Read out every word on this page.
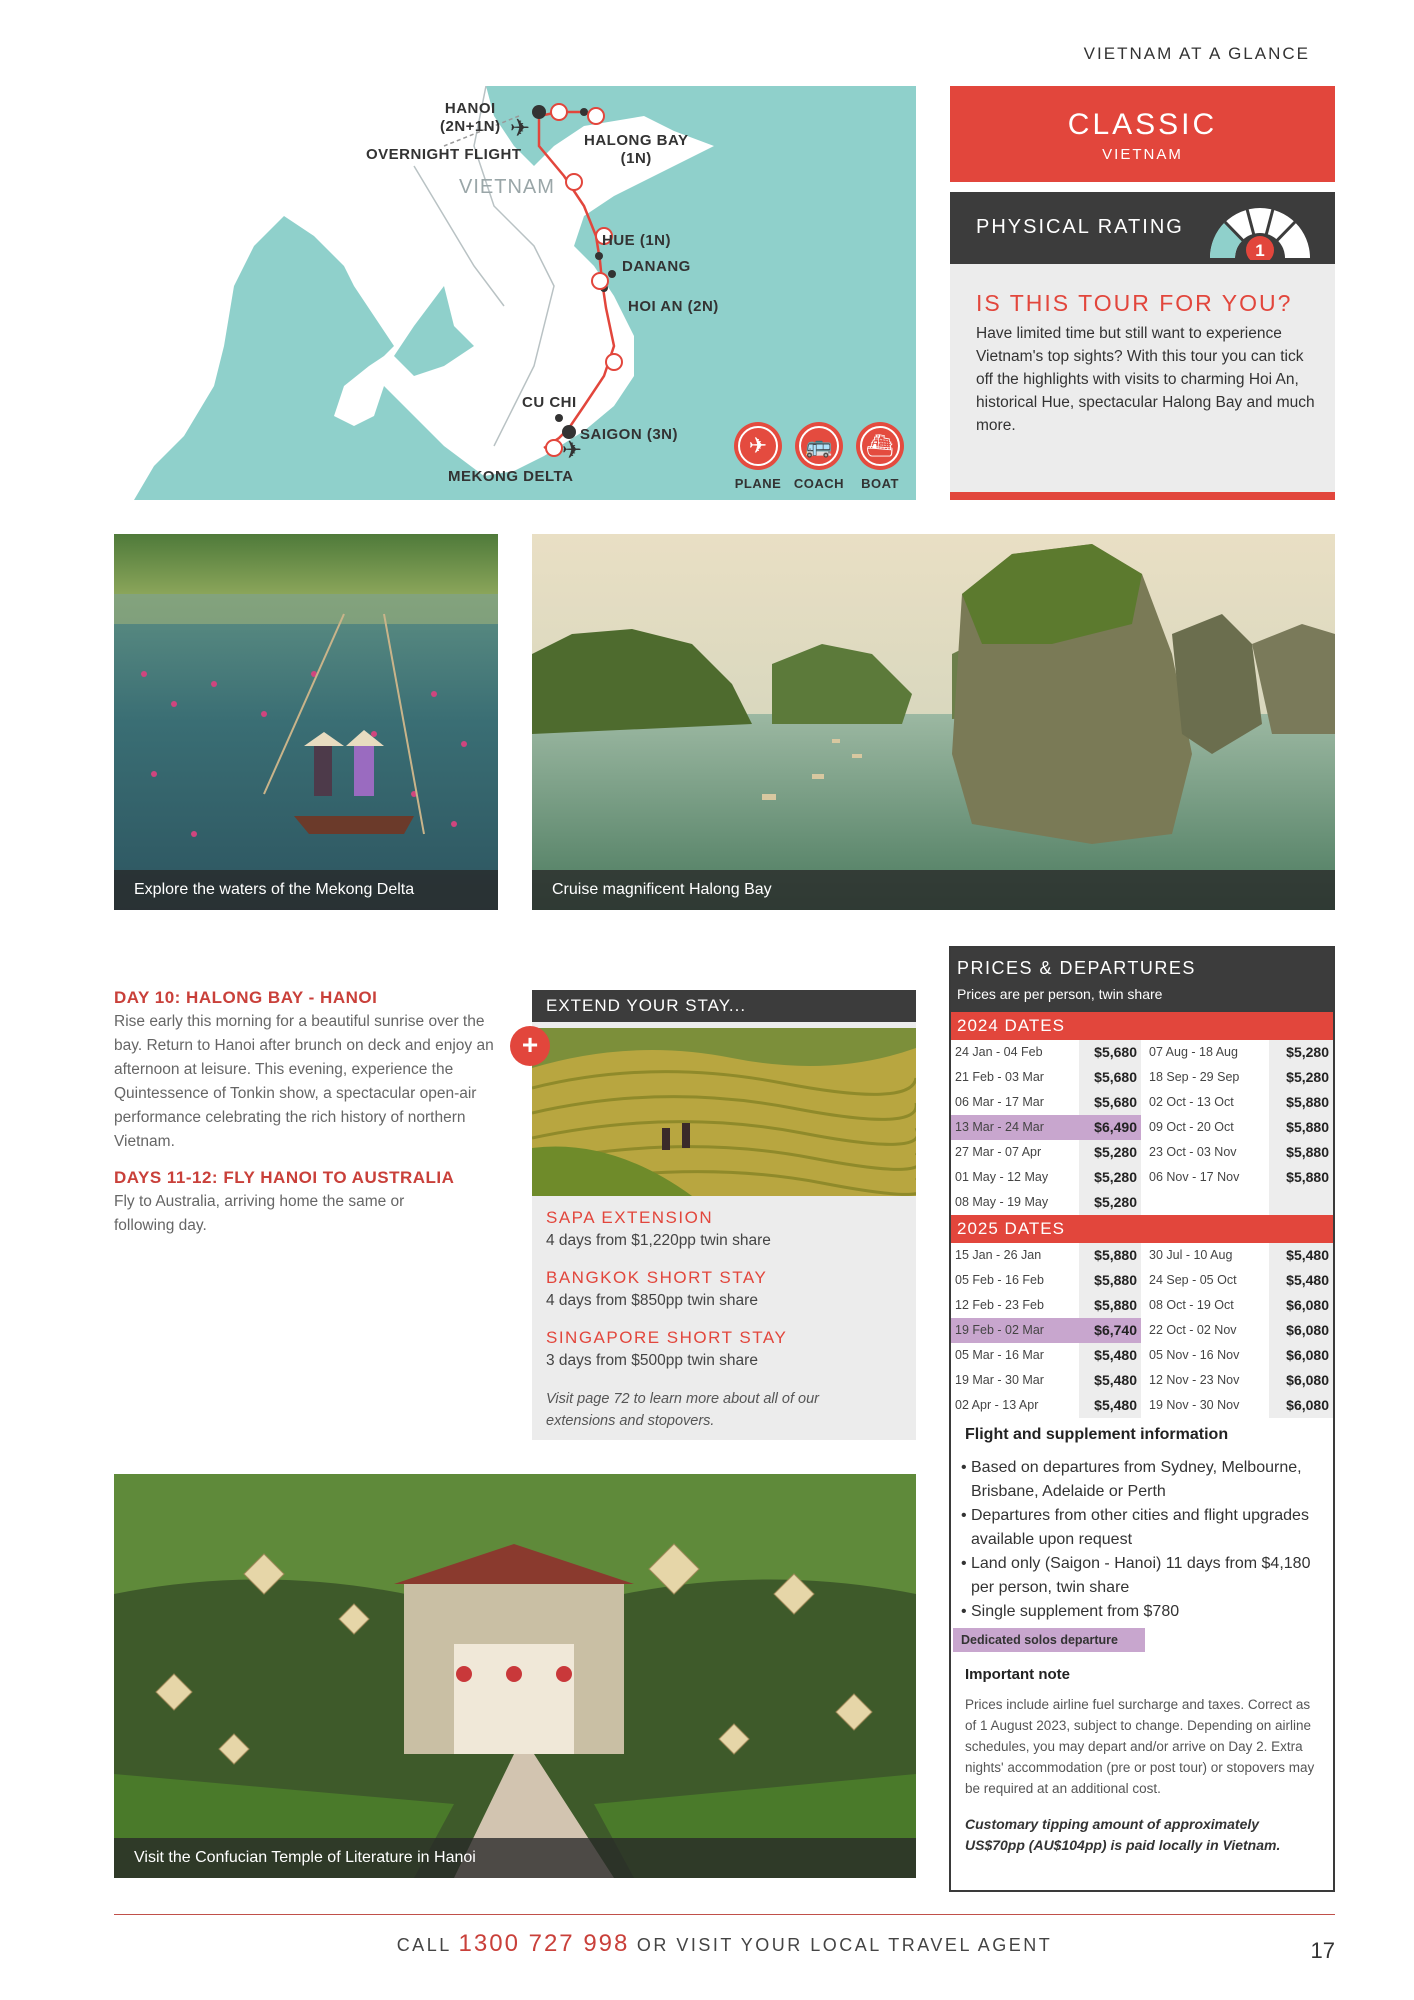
VIETNAM AT A GLANCE
✈
✈
HANOI
(2N+1N)
OVERNIGHT FLIGHT
HALONG BAY
(1N)
VIETNAM
HUE (1N)
DANANG
HOI AN (2N)
CU CHI
SAIGON (3N)
MEKONG DELTA
✈
PLANE
🚌
COACH
⛴
BOAT
CLASSIC
VIETNAM
PHYSICAL RATING
1
IS THIS TOUR FOR YOU?
Have limited time but still want to experience Vietnam's top sights? With this tour you can tick off the highlights with visits to charming Hoi An, historical Hue, spectacular Halong Bay and much more.
Explore the waters of the Mekong Delta	Cruise magnificent Halong Bay
DAY 10: HALONG BAY - HANOI
Rise early this morning for a beautiful sunrise over the bay. Return to Hanoi after brunch on deck and enjoy an afternoon at leisure. This evening, experience the Quintessence of Tonkin show, a spectacular open-air performance celebrating the rich history of northern Vietnam.
DAYS 11-12: FLY HANOI TO AUSTRALIA
Fly to Australia, arriving home the same or following day.
EXTEND YOUR STAY...
+
SAPA EXTENSION
4 days from $1,220pp twin share
BANGKOK SHORT STAY
4 days from $850pp twin share
SINGAPORE SHORT STAY
3 days from $500pp twin share
Visit page 72 to learn more about all of our extensions and stopovers.
Visit the Confucian Temple of Literature in Hanoi
PRICES & DEPARTURES
Prices are per person, twin share
2024 DATES
24 Jan - 04 Feb	$5,680 07 Aug - 18 Aug	$5,280
21 Feb - 03 Mar	$5,680 18 Sep - 29 Sep	$5,280
06 Mar - 17 Mar	$5,680 02 Oct - 13 Oct	$5,880
13 Mar - 24 Mar	$6,490 09 Oct - 20 Oct	$5,880
27 Mar - 07 Apr	$5,280 23 Oct - 03 Nov	$5,880
01 May - 12 May	$5,280 06 Nov - 17 Nov	$5,880
08 May - 19 May	$5,280
2025 DATES
15 Jan - 26 Jan	$5,880 30 Jul - 10 Aug	$5,480
05 Feb - 16 Feb	$5,880 24 Sep - 05 Oct	$5,480
12 Feb - 23 Feb	$5,880 08 Oct - 19 Oct	$6,080
19 Feb - 02 Mar	$6,740 22 Oct - 02 Nov	$6,080
05 Mar - 16 Mar	$5,480 05 Nov - 16 Nov	$6,080
19 Mar - 30 Mar	$5,480 12 Nov - 23 Nov	$6,080
02 Apr - 13 Apr	$5,480 19 Nov - 30 Nov	$6,080
Flight and supplement information
• Based on departures from Sydney, Melbourne, Brisbane, Adelaide or Perth
• Departures from other cities and flight upgrades available upon request
• Land only (Saigon - Hanoi) 11 days from $4,180 per person, twin share
• Single supplement from $780
Dedicated solos departure
Important note
Prices include airline fuel surcharge and taxes. Correct as of 1 August 2023, subject to change. Depending on airline schedules, you may depart and/or arrive on Day 2. Extra nights' accommodation (pre or post tour) or stopovers may be required at an additional cost.
Customary tipping amount of approximately US$70pp (AU$104pp) is paid locally in Vietnam.
CALL 1300 727 998 OR VISIT YOUR LOCAL TRAVEL AGENT	17
